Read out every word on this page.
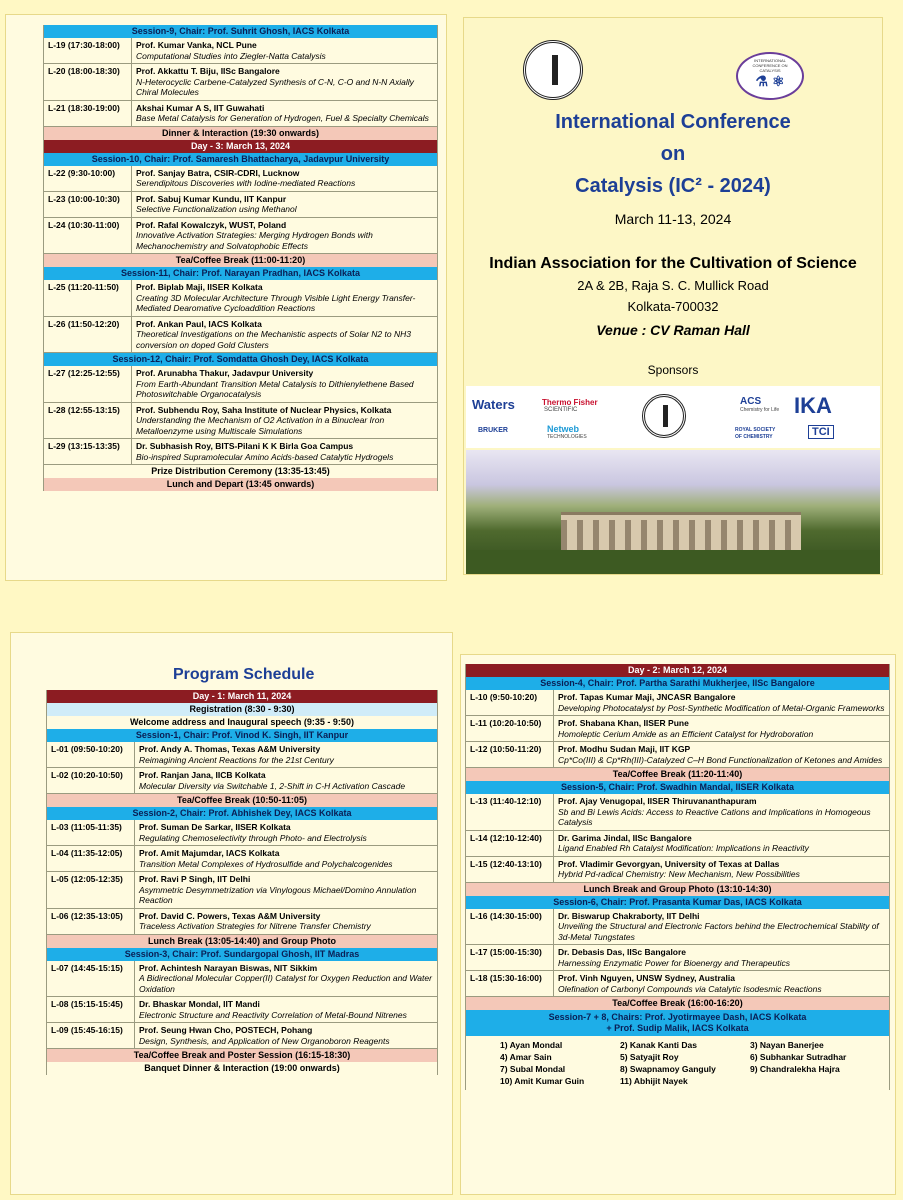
Session-9, Chair: Prof. Suhrit Ghosh, IACS Kolkata
L-19 (17:30-18:00)	Prof. Kumar Vanka, NCL Pune
Computational Studies into Ziegler-Natta Catalysis
L-20 (18:00-18:30)	Prof. Akkattu T. Biju, IISc Bangalore
N-Heterocyclic Carbene-Catalyzed Synthesis of C-N, C-O and N-N Axially Chiral Molecules
L-21 (18:30-19:00)	Akshai Kumar A S, IIT Guwahati
Base Metal Catalysis for Generation of Hydrogen, Fuel & Specialty Chemicals
Dinner & Interaction (19:30 onwards)
Day - 3: March 13, 2024
Session-10, Chair: Prof. Samaresh Bhattacharya, Jadavpur University
L-22 (9:30-10:00)	Prof. Sanjay Batra, CSIR-CDRI, Lucknow
Serendipitous Discoveries with Iodine-mediated Reactions
L-23 (10:00-10:30)	Prof. Sabuj Kumar Kundu, IIT Kanpur
Selective Functionalization using Methanol
L-24 (10:30-11:00)	Prof. Rafal Kowalczyk, WUST, Poland
Innovative Activation Strategies: Merging Hydrogen Bonds with Mechanochemistry and Solvatophobic Effects
Tea/Coffee Break (11:00-11:20)
Session-11, Chair: Prof. Narayan Pradhan, IACS Kolkata
L-25 (11:20-11:50)	Prof. Biplab Maji, IISER Kolkata
Creating 3D Molecular Architecture Through Visible Light Energy Transfer-Mediated Dearomative Cycloaddition Reactions
L-26 (11:50-12:20)	Prof. Ankan Paul, IACS Kolkata
Theoretical Investigations on the Mechanistic aspects of Solar N2 to NH3 conversion on doped Gold Clusters
Session-12, Chair: Prof. Somdatta Ghosh Dey, IACS Kolkata
L-27 (12:25-12:55)	Prof. Arunabha Thakur, Jadavpur University
From Earth-Abundant Transition Metal Catalysis to Dithienylethene Based Photoswitchable Organocatalysis
L-28 (12:55-13:15)	Prof. Subhendu Roy, Saha Institute of Nuclear Physics, Kolkata
Understanding the Mechanism of O2 Activation in a Binuclear Iron Metalloenzyme using Multiscale Simulations
L-29 (13:15-13:35)	Dr. Subhasish Roy, BITS-Pilani K K Birla Goa Campus
Bio-inspired Supramolecular Amino Acids-based Catalytic Hydrogels
Prize Distribution Ceremony (13:35-13:45)
Lunch and Depart (13:45 onwards)
INTERNATIONAL CONFERENCE ON CATALYSIS
⚗ ⚛
International Conference
on
Catalysis (IC² - 2024)
March 11-13, 2024
Indian Association for the Cultivation of Science
2A & 2B, Raja S. C. Mullick Road
Kolkata-700032
Venue : CV Raman Hall
Sponsors
Waters	Thermo Fisher
SCIENTIFIC
ACS
Chemistry for Life IKA
BRUKER	Netweb
TECHNOLOGIES
ROYAL SOCIETY
OF CHEMISTRY	TCI
Program Schedule
Day - 1: March 11, 2024
Registration (8:30 - 9:30)
Welcome address and Inaugural speech (9:35 - 9:50)
Session-1, Chair: Prof. Vinod K. Singh, IIT Kanpur
L-01 (09:50-10:20)	Prof. Andy A. Thomas, Texas A&M University
Reimagining Ancient Reactions for the 21st Century
L-02 (10:20-10:50)	Prof. Ranjan Jana, IICB Kolkata
Molecular Diversity via Switchable 1, 2-Shift in C-H Activation Cascade
Tea/Coffee Break (10:50-11:05)
Session-2, Chair: Prof. Abhishek Dey, IACS Kolkata
L-03 (11:05-11:35)	Prof. Suman De Sarkar, IISER Kolkata
Regulating Chemoselectivity through Photo- and Electrolysis
L-04 (11:35-12:05)	Prof. Amit Majumdar, IACS Kolkata
Transition Metal Complexes of Hydrosulfide and Polychalcogenides
L-05 (12:05-12:35)	Prof. Ravi P Singh, IIT Delhi
Asymmetric Desymmetrization via Vinylogous Michael/Domino Annulation Reaction
L-06 (12:35-13:05)	Prof. David C. Powers, Texas A&M University
Traceless Activation Strategies for Nitrene Transfer Chemistry
Lunch Break (13:05-14:40) and Group Photo
Session-3, Chair: Prof. Sundargopal Ghosh, IIT Madras
L-07 (14:45-15:15)	Prof. Achintesh Narayan Biswas, NIT Sikkim
A Bidirectional Molecular Copper(II) Catalyst for Oxygen Reduction and Water Oxidation
L-08 (15:15-15:45)	Dr. Bhaskar Mondal, IIT Mandi
Electronic Structure and Reactivity Correlation of Metal-Bound Nitrenes
L-09 (15:45-16:15)	Prof. Seung Hwan Cho, POSTECH, Pohang
Design, Synthesis, and Application of New Organoboron Reagents
Tea/Coffee Break and Poster Session (16:15-18:30)
Banquet Dinner & Interaction (19:00 onwards)
Day - 2: March 12, 2024
Session-4, Chair: Prof. Partha Sarathi Mukherjee, IISc Bangalore
L-10 (9:50-10:20)	Prof. Tapas Kumar Maji, JNCASR Bangalore
Developing Photocatalyst by Post-Synthetic Modification of Metal-Organic Frameworks
L-11 (10:20-10:50)	Prof. Shabana Khan, IISER Pune
Homoleptic Cerium Amide as an Efficient Catalyst for Hydroboration
L-12 (10:50-11:20)	Prof. Modhu Sudan Maji, IIT KGP
Cp*Co(III) & Cp*Rh(III)-Catalyzed C–H Bond Functionalization of Ketones and Amides
Tea/Coffee Break (11:20-11:40)
Session-5, Chair: Prof. Swadhin Mandal, IISER Kolkata
L-13 (11:40-12:10)	Prof. Ajay Venugopal, IISER Thiruvananthapuram
Sb and Bi Lewis Acids: Access to Reactive Cations and Implications in Homogeous Catalysis
L-14 (12:10-12:40)	Dr. Garima Jindal, IISc Bangalore
Ligand Enabled Rh Catalyst Modification: Implications in Reactivity
L-15 (12:40-13:10)	Prof. Vladimir Gevorgyan, University of Texas at Dallas
Hybrid Pd-radical Chemistry: New Mechanism, New Possibilities
Lunch Break and Group Photo (13:10-14:30)
Session-6, Chair: Prof. Prasanta Kumar Das, IACS Kolkata
L-16 (14:30-15:00)	Dr. Biswarup Chakraborty, IIT Delhi
Unveiling the Structural and Electronic Factors behind the Electrochemical Stability of 3d-Metal Tungstates
L-17 (15:00-15:30)	Dr. Debasis Das, IISc Bangalore
Harnessing Enzymatic Power for Bioenergy and Therapeutics
L-18 (15:30-16:00)	Prof. Vinh Nguyen, UNSW Sydney, Australia
Olefination of Carbonyl Compounds via Catalytic Isodesmic Reactions
Tea/Coffee Break (16:00-16:20)
Session-7 + 8, Chairs: Prof. Jyotirmayee Dash, IACS Kolkata
+ Prof. Sudip Malik, IACS Kolkata
1) Ayan Mondal	2) Kanak Kanti Das	3) Nayan Banerjee
4) Amar Sain	5) Satyajit Roy	6) Subhankar Sutradhar
7) Subal Mondal	8) Swapnamoy Ganguly	9) Chandralekha Hajra
10) Amit Kumar Guin	11) Abhijit Nayek
